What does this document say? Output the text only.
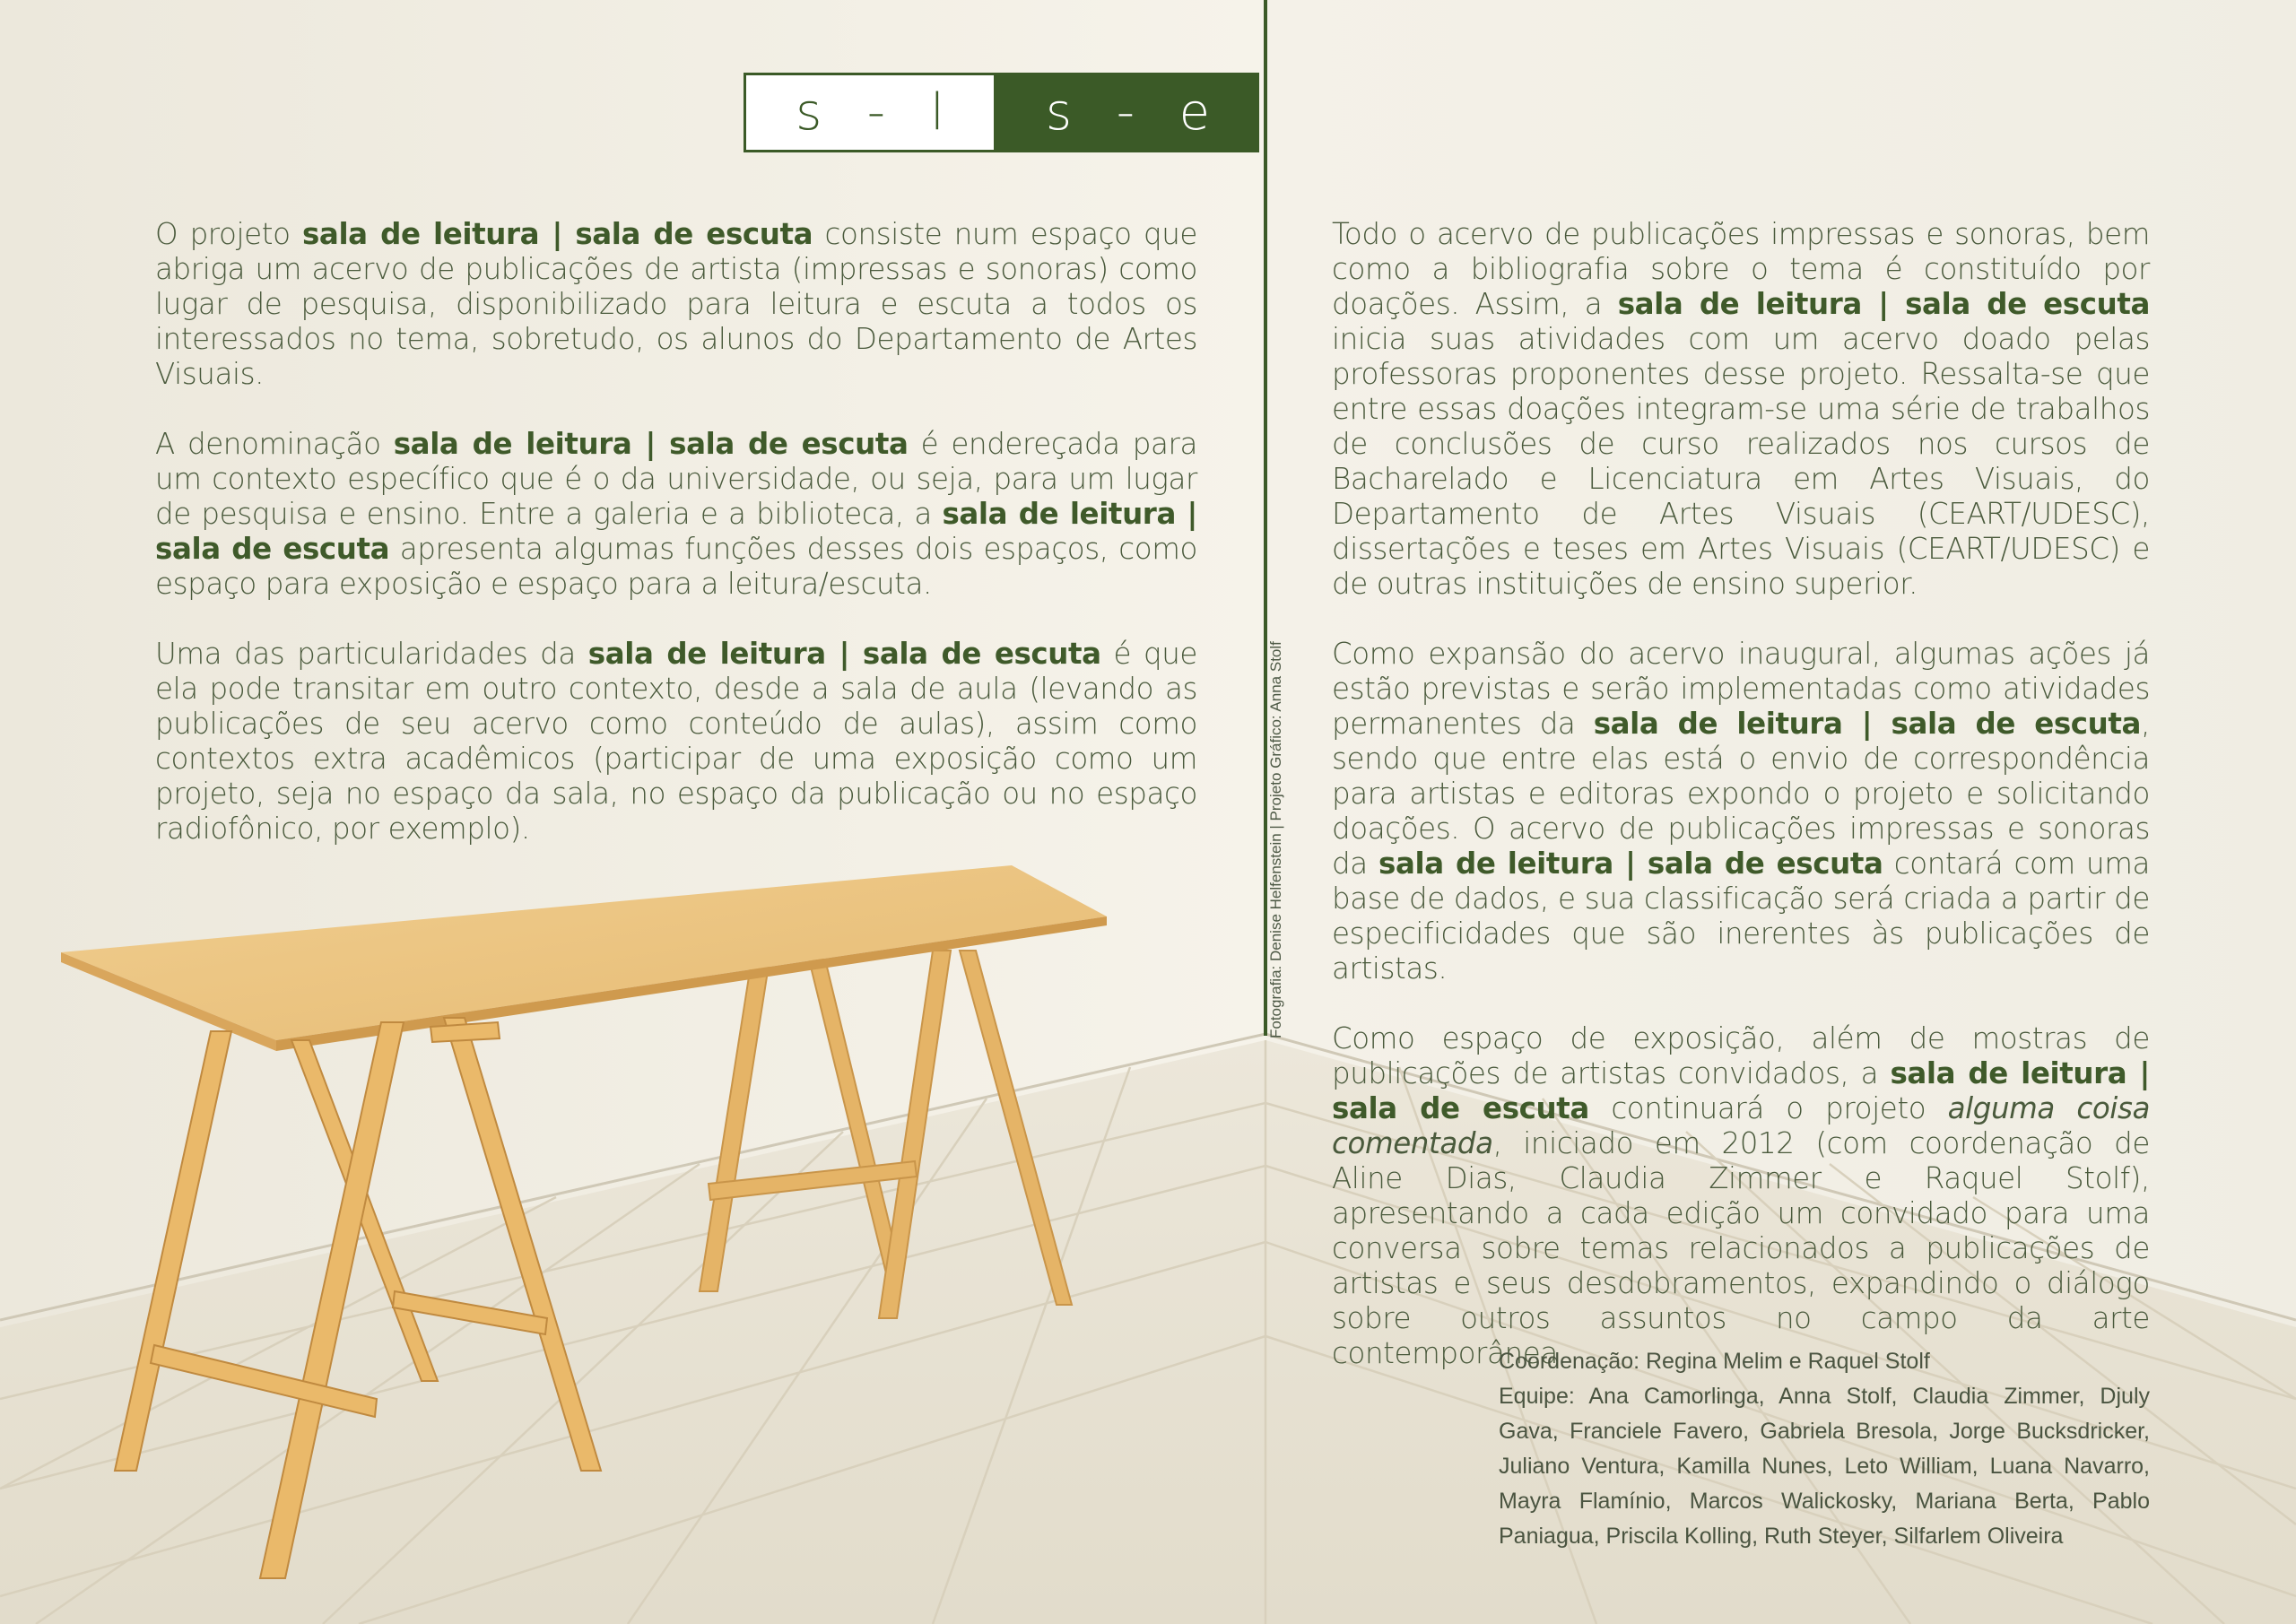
s - l s - e

O projeto sala de leitura | sala de escuta consiste num espaço que abriga um acervo de publicações de artista (impressas e sonoras) como lugar de pesquisa, disponibilizado para leitura e escuta a todos os interessados no tema, sobretudo, os alunos do Departamento de Artes Visuais.

A denominação sala de leitura | sala de escuta é endereçada para um contexto específico que é o da universidade, ou seja, para um lugar de pesquisa e ensino. Entre a galeria e a biblioteca, a sala de leitura | sala de escuta apresenta algumas funções desses dois espaços, como espaço para exposição e espaço para a leitura/escuta.

Uma das particularidades da sala de leitura | sala de escuta é que ela pode transitar em outro contexto, desde a sala de aula (levando as publicações de seu acervo como conteúdo de aulas), assim como contextos extra acadêmicos (participar de uma exposição como um projeto, seja no espaço da sala, no espaço da publicação ou no espaço radiofônico, por exemplo).

Todo o acervo de publicações impressas e sonoras, bem como a bibliografia sobre o tema é constituído por doações. Assim, a sala de leitura | sala de escuta inicia suas atividades com um acervo doado pelas professoras proponentes desse projeto. Ressalta-se que entre essas doações integram-se uma série de trabalhos de conclusões de curso realizados nos cursos de Bacharelado e Licenciatura em Artes Visuais, do Departamento de Artes Visuais (CEART/UDESC), dissertações e teses em Artes Visuais (CEART/UDESC) e de outras instituições de ensino superior.

Como expansão do acervo inaugural, algumas ações já estão previstas e serão implementadas como atividades permanentes da sala de leitura | sala de escuta, sendo que entre elas está o envio de correspondência para artistas e editoras expondo o projeto e solicitando doações. O acervo de publicações impressas e sonoras da sala de leitura | sala de escuta contará com uma base de dados, e sua classificação será criada a partir de especificidades que são inerentes às publicações de artistas.

Como espaço de exposição, além de mostras de publicações de artistas convidados, a sala de leitura | sala de escuta continuará o projeto alguma coisa comentada, iniciado em 2012 (com coordenação de Aline Dias, Claudia Zimmer e Raquel Stolf), apresentando a cada edição um convidado para uma conversa sobre temas relacionados a publicações de artistas e seus desdobramentos, expandindo o diálogo sobre outros assuntos no campo da arte contemporânea.

Fotografia: Denise Helfenstein | Projeto Gráfico: Anna Stolf
Coordenação: Regina Melim e Raquel Stolf
Equipe: Ana Camorlinga, Anna Stolf, Claudia Zimmer, Djuly Gava, Franciele Favero, Gabriela Bresola, Jorge Bucksdricker, Juliano Ventura, Kamilla Nunes, Leto William, Luana Navarro, Mayra Flamínio, Marcos Walickosky, Mariana Berta, Pablo Paniagua, Priscila Kolling, Ruth Steyer, Silfarlem Oliveira
